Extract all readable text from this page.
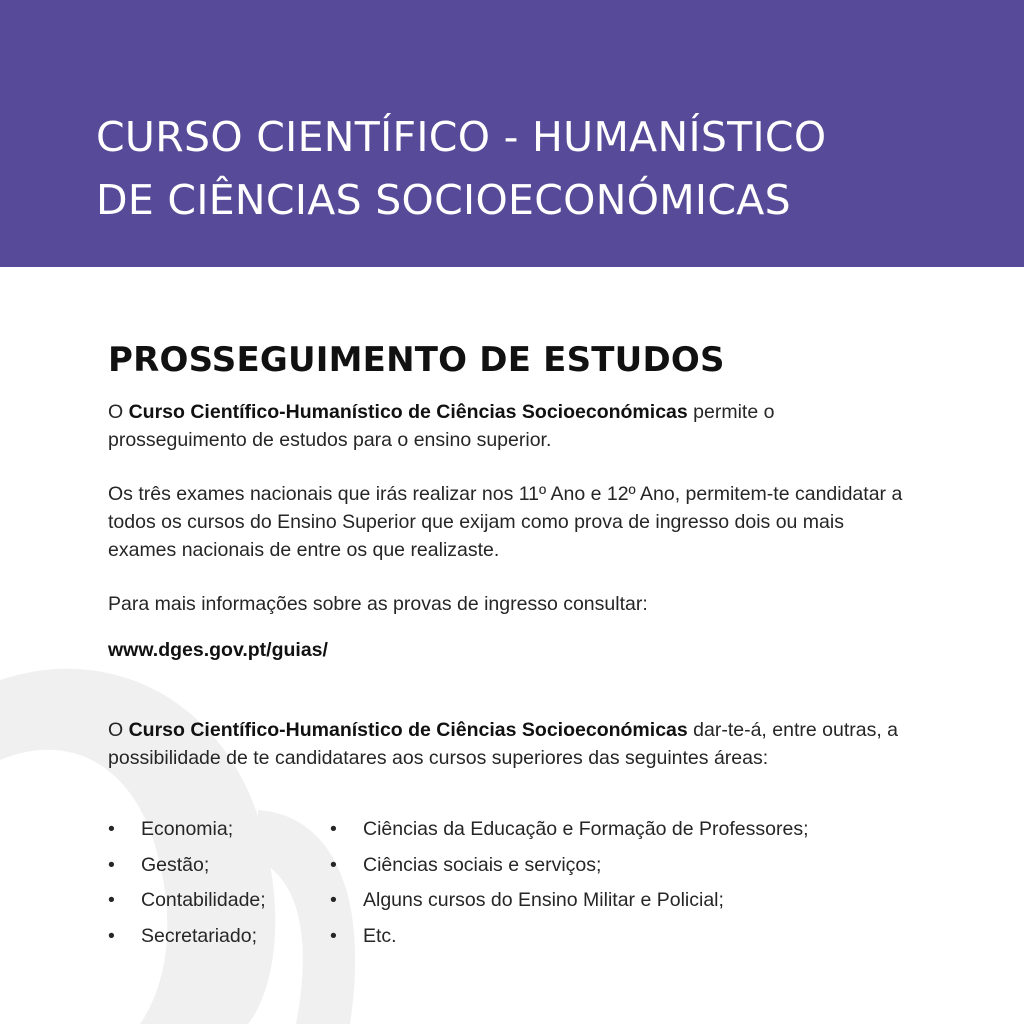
CURSO CIENTÍFICO - HUMANÍSTICO
DE CIÊNCIAS SOCIOECONÓMICAS
PROSSEGUIMENTO DE ESTUDOS

O Curso Científico-Humanístico de Ciências Socioeconómicas permite o prosseguimento de estudos para o ensino superior.

Os três exames nacionais que irás realizar nos 11º Ano e 12º Ano, permitem-te candidatar a todos os cursos do Ensino Superior que exijam como prova de ingresso dois ou mais exames nacionais de entre os que realizaste.

Para mais informações sobre as provas de ingresso consultar:

www.dges.gov.pt/guias/

O Curso Científico-Humanístico de Ciências Socioeconómicas dar-te-á, entre outras, a possibilidade de te candidatares aos cursos superiores das seguintes áreas:

• Economia;
• Gestão;
• Contabilidade;
• Secretariado;
• Ciências da Educação e Formação de Professores;
• Ciências sociais e serviços;
• Alguns cursos do Ensino Militar e Policial;
• Etc.
